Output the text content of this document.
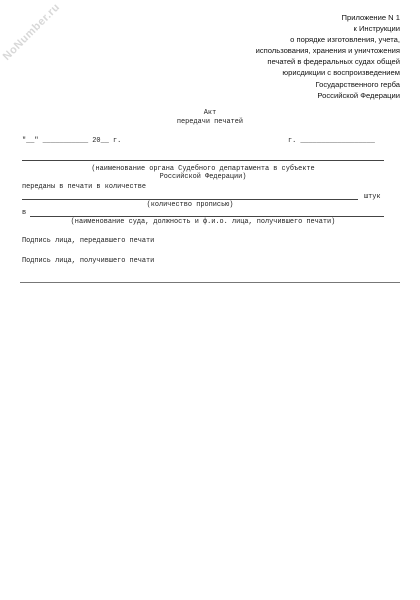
NoNumber.ru	Приложение N 1
к Инструкции
о порядке изготовления, учета,
использования, хранения и уничтожения
печатей в федеральных судах общей
юрисдикции с воспроизведением
Государственного герба
Российской Федерации
Акт
передачи печатей
"__" ___________ 20__ г.	г. __________________
(наименование органа Судебного департамента в субъекте
Российской Федерации)
переданы в печати в количестве
штук
(количество прописью)
в
(наименование суда, должность и ф.и.о. лица, получившего печати)
Подпись лица, передавшего печати
Подпись лица, получившего печати
